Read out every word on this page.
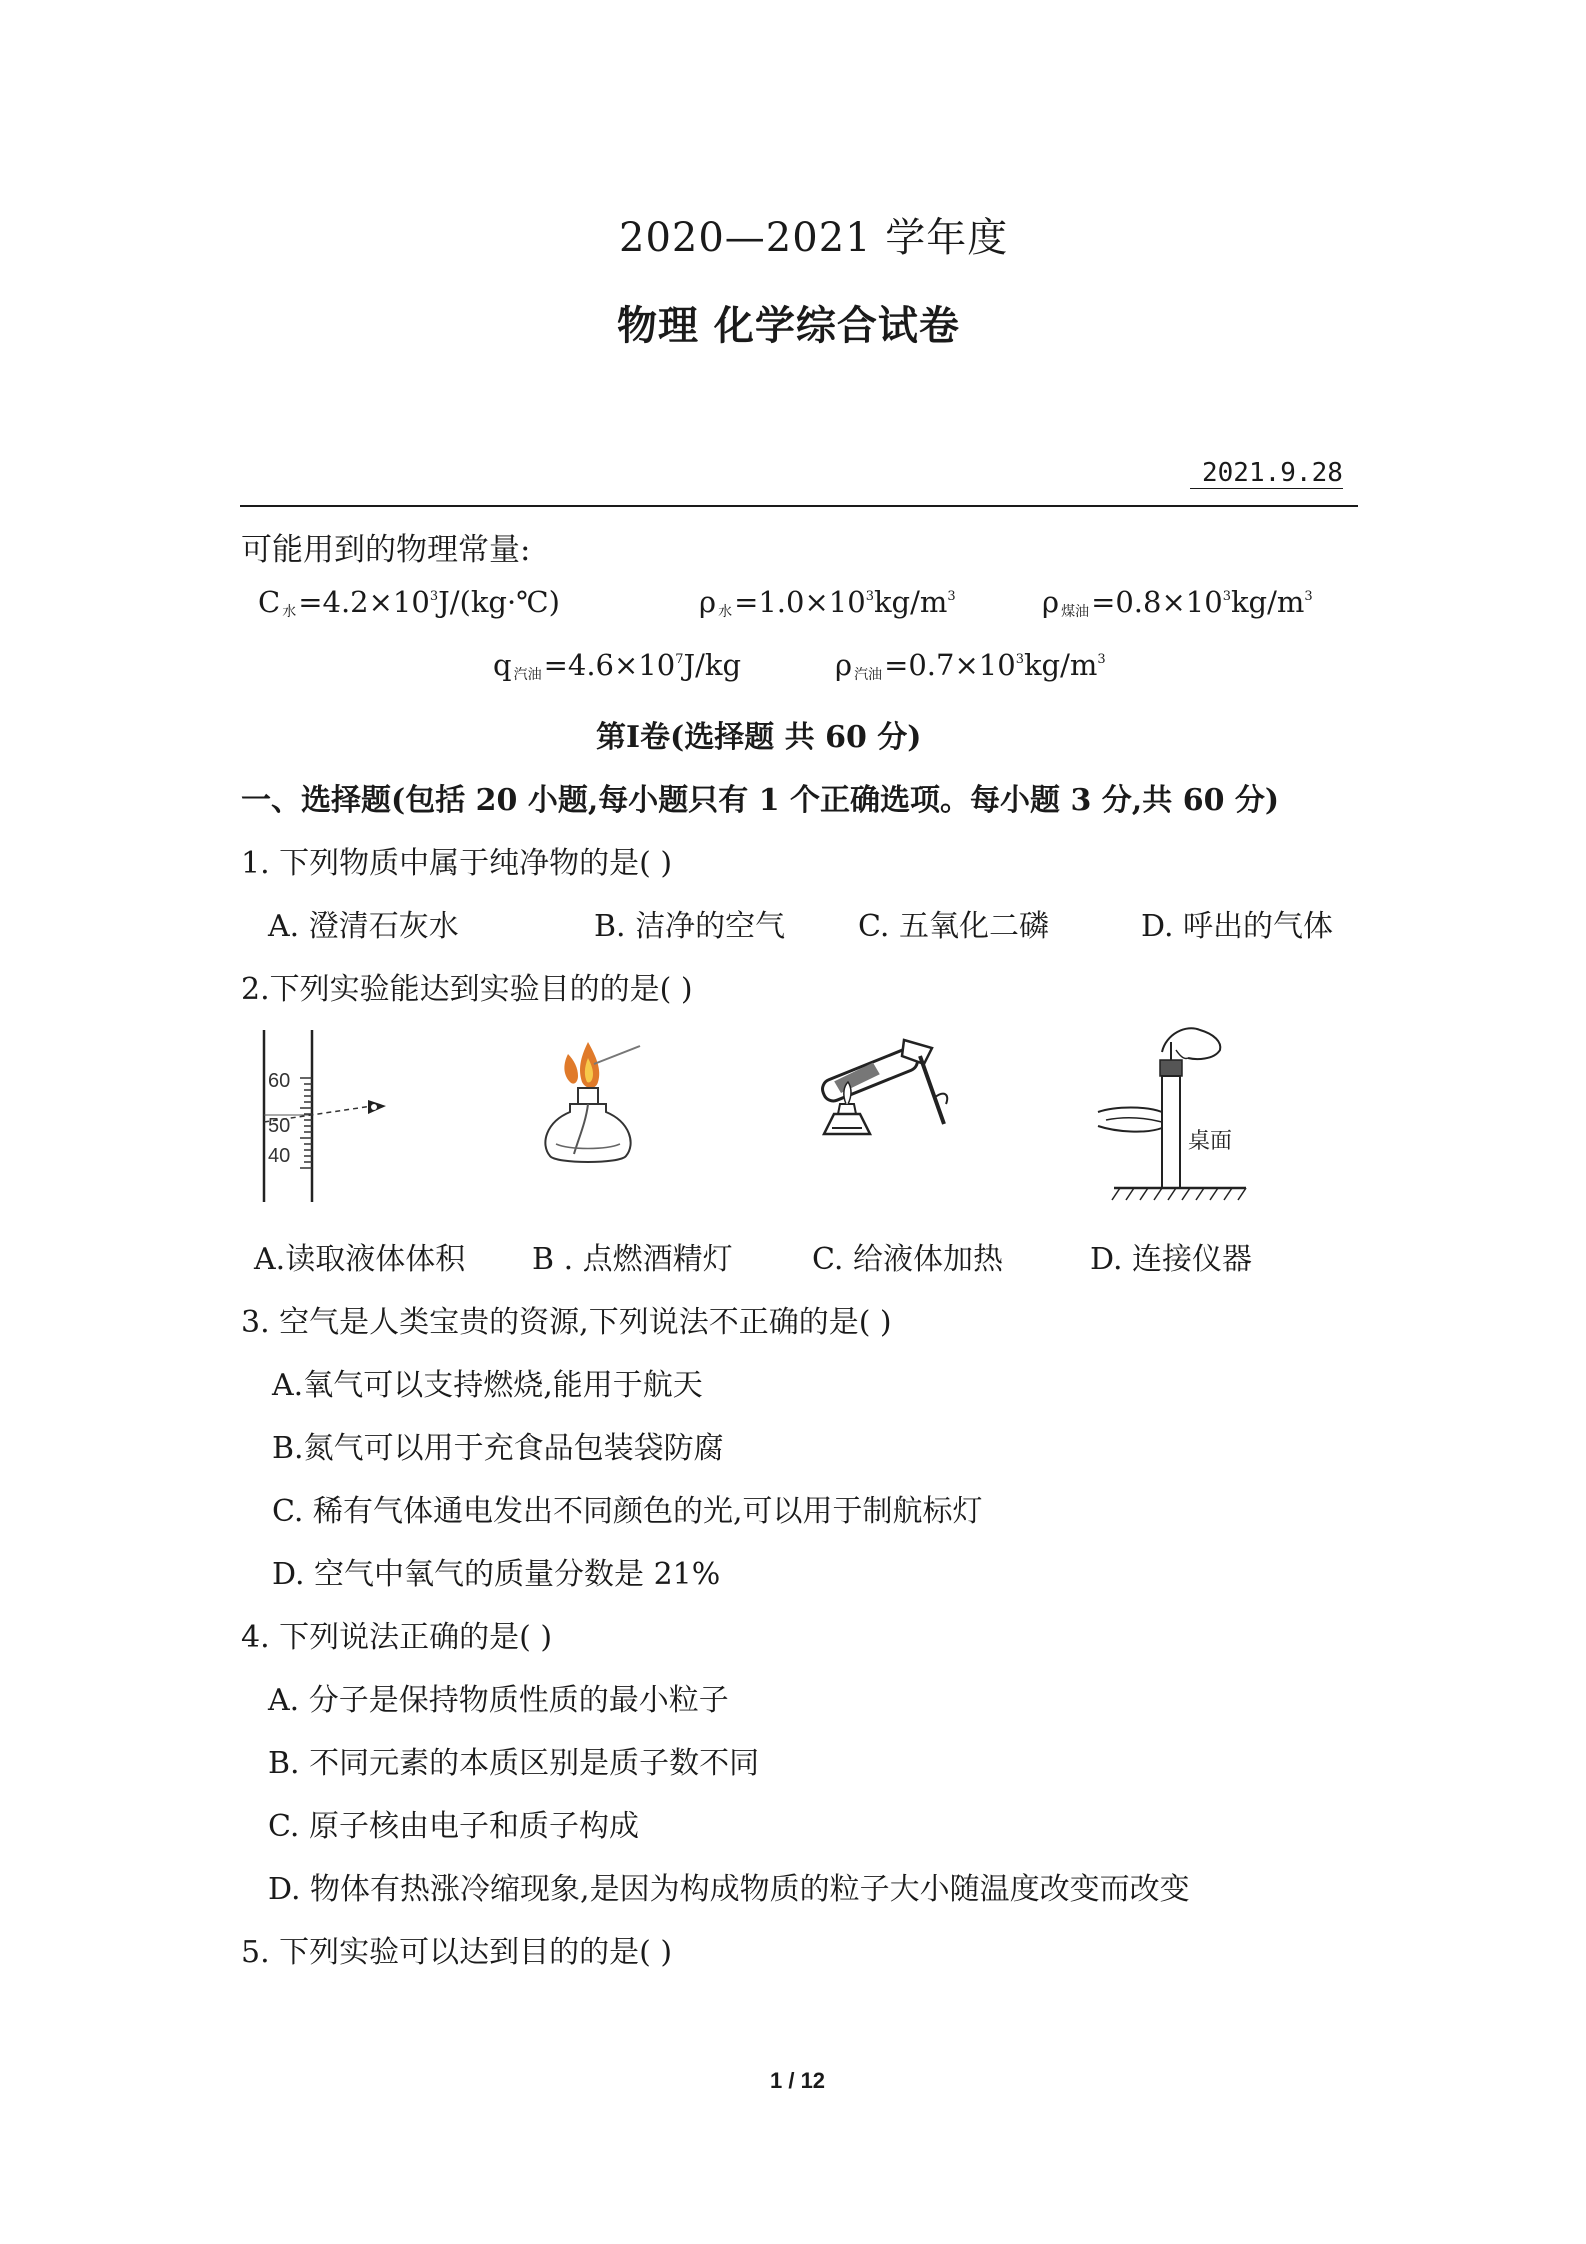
2020—2021 学年度
物理 化学综合试卷
2021.9.28
可能用到的物理常量:
C $_水=4.2\times 10^3J/(kg\cdot℃)$	ρ $_水=1.0\times 10^3kg/m^3$	ρ $_{煤油}=0.8\times 10^3kg/m^3$
q $_{汽油}=4.6\times 10^7J/kg$	ρ $_{汽油}=0.7\times 10^3kg/m^3$
第Ⅰ卷(选择题 共 60 分)
一、选择题(包括 20 小题,每小题只有 1 个正确选项。每小题 3 分,共 60 分)
1. 下列物质中属于纯净物的是( )
A. 澄清石灰水	B. 洁净的空气 C. 五氧化二磷	D. 呼出的气体
2.下列实验能达到实验目的的是( )
60
50
40
桌面
A.读取液体体积 B . 点燃酒精灯	C. 给液体加热	D. 连接仪器
3. 空气是人类宝贵的资源,下列说法不正确的是( )
A.氧气可以支持燃烧,能用于航天
B.氮气可以用于充食品包装袋防腐
C. 稀有气体通电发出不同颜色的光,可以用于制航标灯
D. 空气中氧气的质量分数是 21%
4. 下列说法正确的是( )
A. 分子是保持物质性质的最小粒子
B. 不同元素的本质区别是质子数不同
C. 原子核由电子和质子构成
D. 物体有热涨冷缩现象,是因为构成物质的粒子大小随温度改变而改变
5. 下列实验可以达到目的的是( )
1 / 12
